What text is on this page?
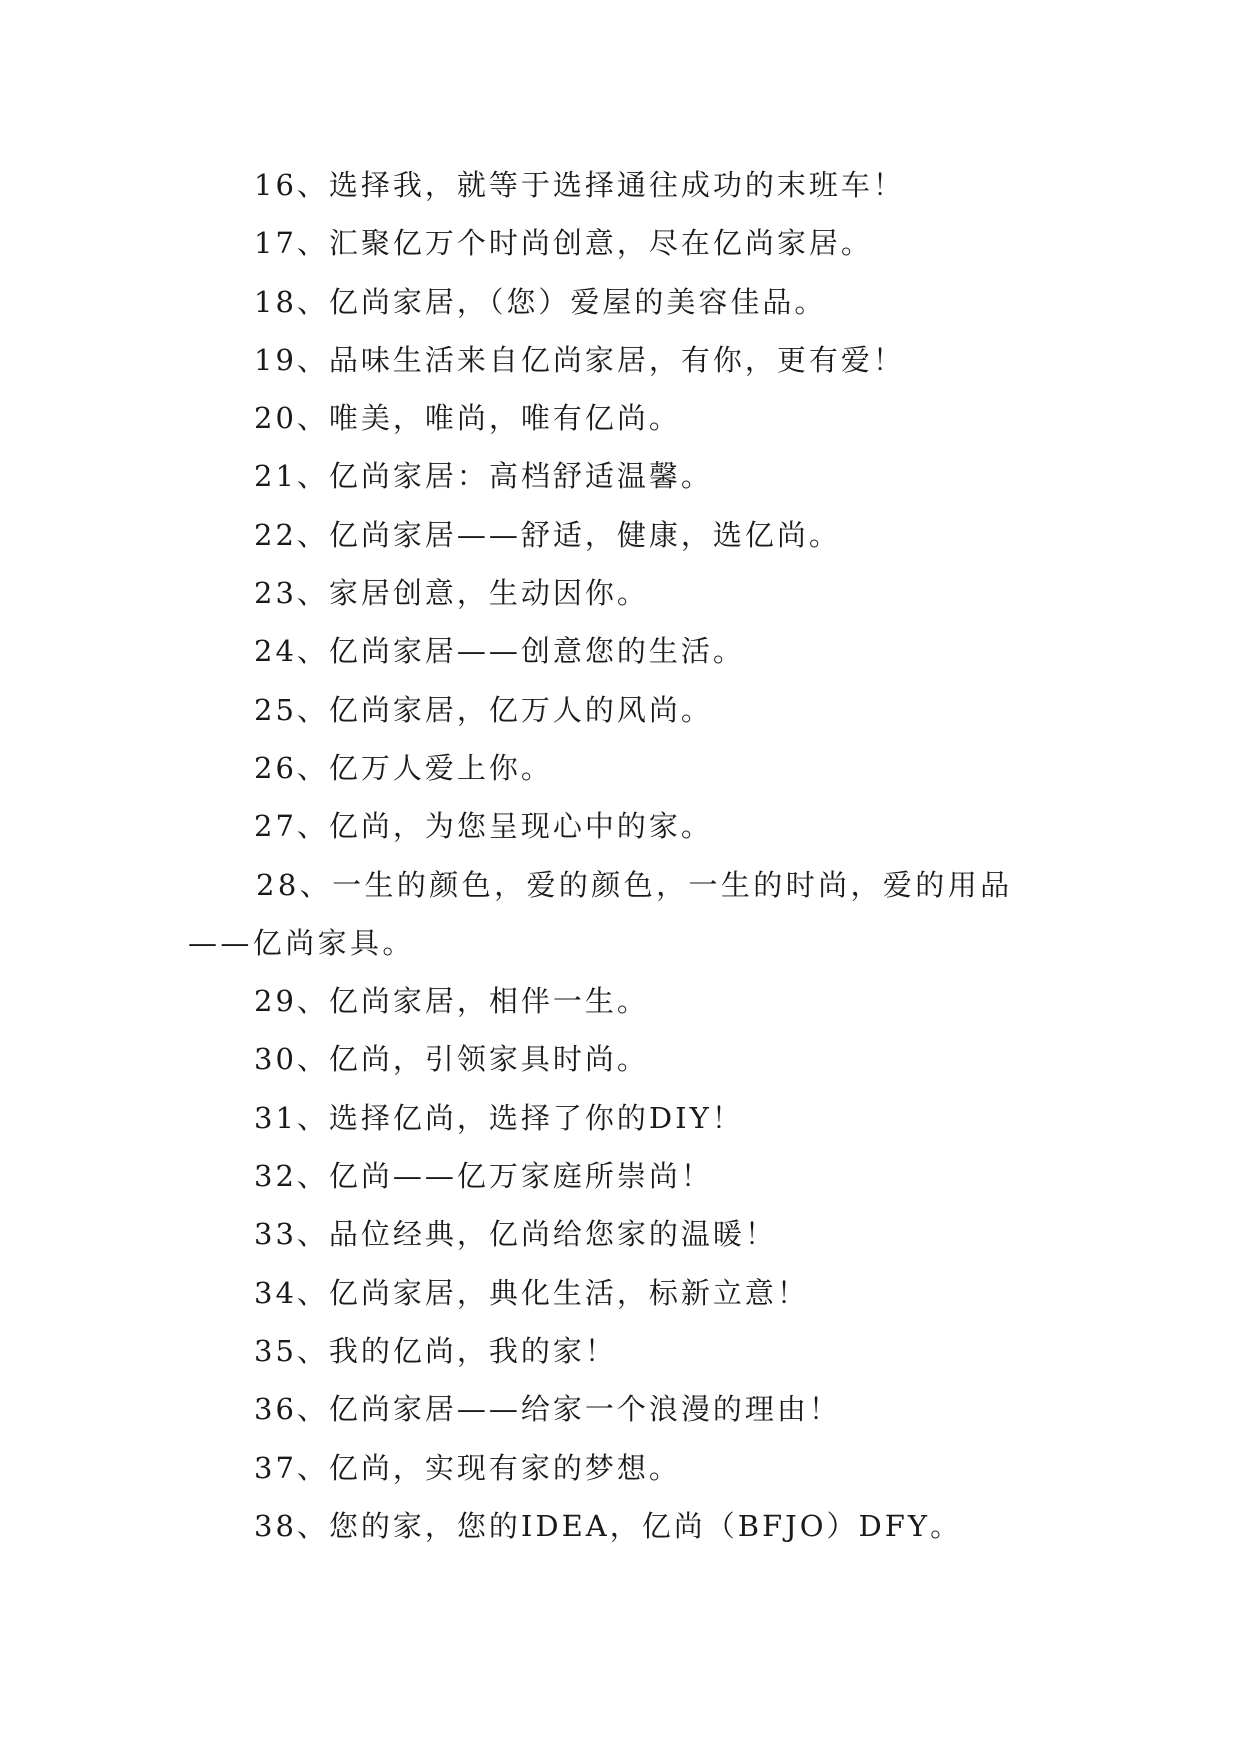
16、选择我，就等于选择通往成功的末班车！
17、汇聚亿万个时尚创意，尽在亿尚家居。
18、亿尚家居，（您）爱屋的美容佳品。
19、品味生活来自亿尚家居，有你，更有爱！
20、唯美，唯尚，唯有亿尚。
21、亿尚家居：高档舒适温馨。
22、亿尚家居——舒适，健康，选亿尚。
23、家居创意，生动因你。
24、亿尚家居——创意您的生活。
25、亿尚家居，亿万人的风尚。
26、亿万人爱上你。
27、亿尚，为您呈现心中的家。
28、一生的颜色，爱的颜色，一生的时尚，爱的用品——亿尚家具。
29、亿尚家居，相伴一生。
30、亿尚，引领家具时尚。
31、选择亿尚，选择了你的DIY！
32、亿尚——亿万家庭所崇尚！
33、品位经典，亿尚给您家的温暖！
34、亿尚家居，典化生活，标新立意！
35、我的亿尚，我的家！
36、亿尚家居——给家一个浪漫的理由！
37、亿尚，实现有家的梦想。
38、您的家，您的IDEA，亿尚（BFJO）DFY。
